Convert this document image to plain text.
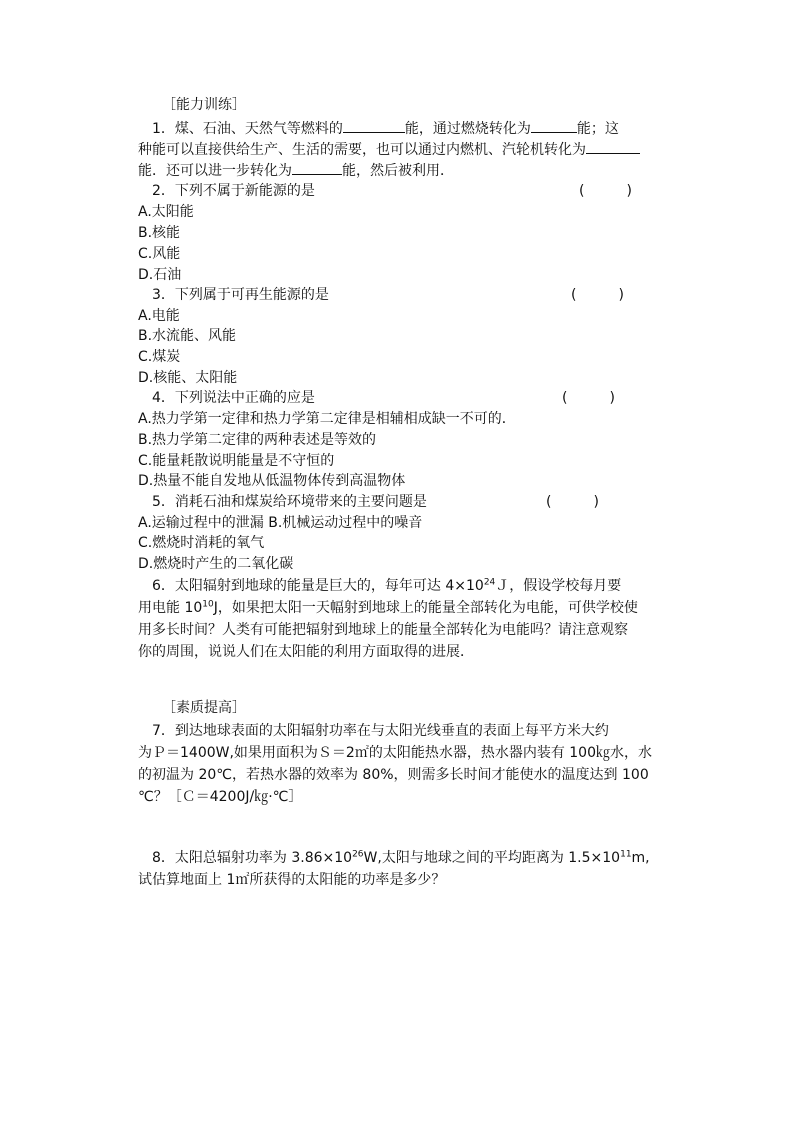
［能力训练］
1．煤、石油、天然气等燃料的	能，通过燃烧转化为	能；这
种能可以直接供给生产、生活的需要，也可以通过内燃机、汽轮机转化为
能．还可以进一步转化为	能，然后被利用．
2．下列不属于新能源的是	(　　　)
A.太阳能
B.核能
C.风能
D.石油
3．下列属于可再生能源的是	(　　　)
A.电能
B.水流能、风能
C.煤炭
D.核能、太阳能
4．下列说法中正确的应是	(　　　)
A.热力学第一定律和热力学第二定律是相辅相成缺一不可的．
B.热力学第二定律的两种表述是等效的
C.能量耗散说明能量是不守恒的
D.热量不能自发地从低温物体传到高温物体
5．消耗石油和煤炭给环境带来的主要问题是	(　　　)
A.运输过程中的泄漏 B.机械运动过程中的噪音
C.燃烧时消耗的氧气
D.燃烧时产生的二氧化碳
6．太阳辐射到地球的能量是巨大的，每年可达 $4\times 10^{24}J$，假设学校每月要
用电能 $10^{10}J$，如果把太阳一天幅射到地球上的能量全部转化为电能，可供学校使
用多长时间？人类有可能把辐射到地球上的能量全部转化为电能吗？请注意观察
你的周围，说说人们在太阳能的利用方面取得的进展．
［素质提高］
7．到达地球表面的太阳辐射功率在与太阳光线垂直的表面上每平方米大约
为Ｐ＝1400W,如果用面积为Ｓ＝2㎡的太阳能热水器，热水器内装有 100㎏水，水
的初温为 20℃，若热水器的效率为 80%，则需多长时间才能使水的温度达到 100
℃？［Ｃ＝4200J/㎏·℃］
8．太阳总辐射功率为 $3.86\times 10^{26}W$,太阳与地球之间的平均距离为 $1.5\times 10^{11}m$,
试估算地面上 1㎡所获得的太阳能的功率是多少？
